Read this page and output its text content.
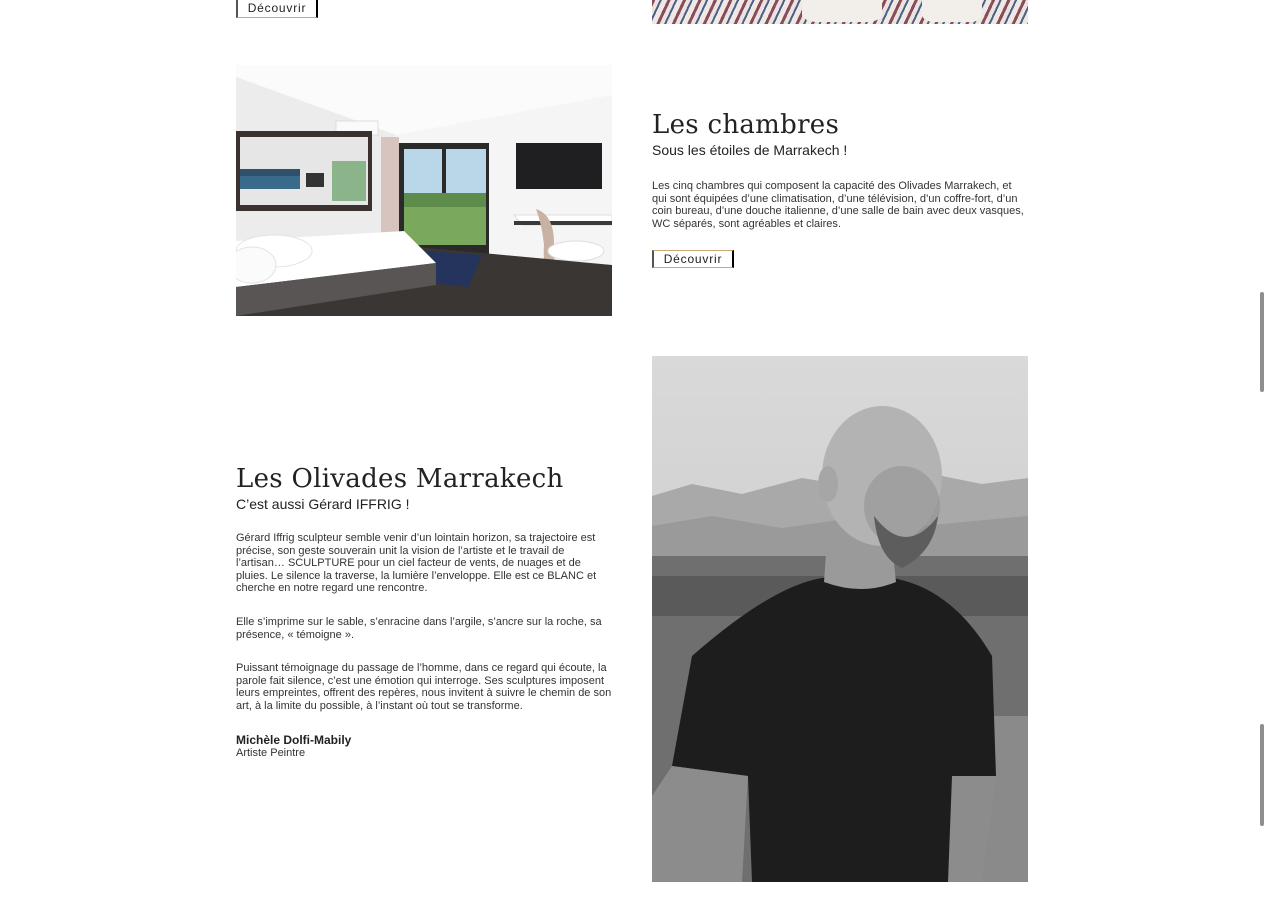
Découvrir
Les chambres

Sous les étoiles de Marrakech !

Les cinq chambres qui composent la capacité des Olivades Marrakech, et qui sont équipées d’une climatisation, d’une télévision, d’un coffre-fort, d’un coin bureau, d’une douche italienne, d’une salle de bain avec deux vasques, WC séparés, sont agréables et claires.

Découvrir
Les Olivades Marrakech

C’est aussi Gérard IFFRIG !

Gérard Iffrig sculpteur semble venir d’un lointain horizon, sa trajectoire est précise, son geste souverain unit la vision de l’artiste et le travail de l’artisan… SCULPTURE pour un ciel facteur de vents, de nuages et de pluies. Le silence la traverse, la lumière l’enveloppe. Elle est ce BLANC et cherche en notre regard une rencontre.

Elle s’imprime sur le sable, s’enracine dans l’argile, s’ancre sur la roche, sa présence, « témoigne ».

Puissant témoignage du passage de l’homme, dans ce regard qui écoute, la parole fait silence, c’est une émotion qui interroge. Ses sculptures imposent leurs empreintes, offrent des repères, nous invitent à suivre le chemin de son art, à la limite du possible, à l’instant où tout se transforme.

Michèle Dolfi-Mabily

Artiste Peintre
